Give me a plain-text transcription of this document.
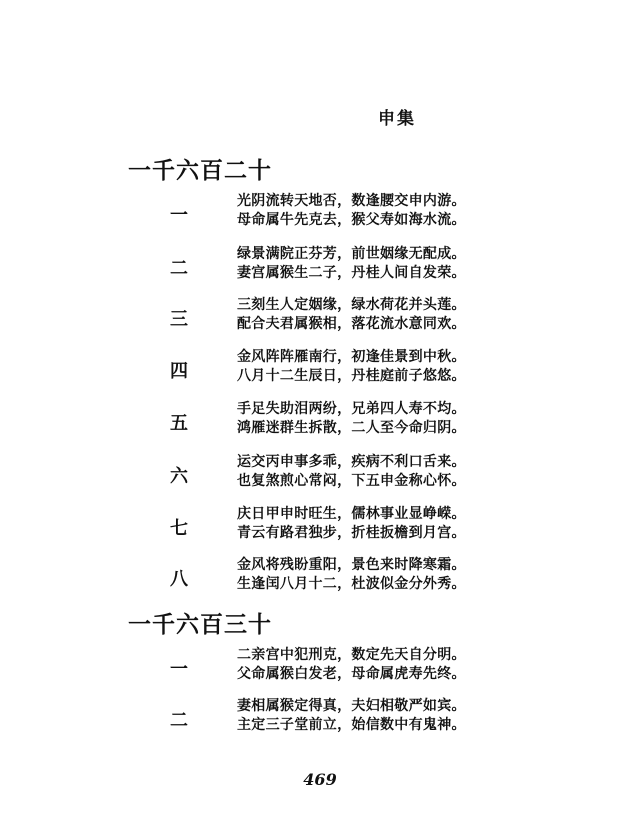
申集
一千六百二十
一
光阴流转天地否，数逢腰交申内游。
母命属牛先克去，猴父寿如海水流。
二
绿景满院正芬芳，前世姻缘无配成。
妻宫属猴生二子，丹桂人间自发荣。
三
三刻生人定姻缘，绿水荷花并头莲。
配合夫君属猴相，落花流水意同欢。
四
金风阵阵雁南行，初逢佳景到中秋。
八月十二生辰日，丹桂庭前子悠悠。
五
手足失助泪两纷，兄弟四人寿不均。
鸿雁迷群生拆散，二人至今命归阴。
六
运交丙申事多乖，疾病不利口舌来。
也复煞煎心常闷，下五申金称心怀。
七
庆日甲申时旺生，儒林事业显峥嵘。
青云有路君独步，折桂扳檐到月宫。
八
金风将残盼重阳，景色来时降寒霜。
生逢闰八月十二，杜波似金分外秀。
一千六百三十
一
二亲宫中犯刑克，数定先天自分明。
父命属猴白发老，母命属虎寿先终。
二
妻相属猴定得真，夫妇相敬严如宾。
主定三子堂前立，始信数中有鬼神。
469
